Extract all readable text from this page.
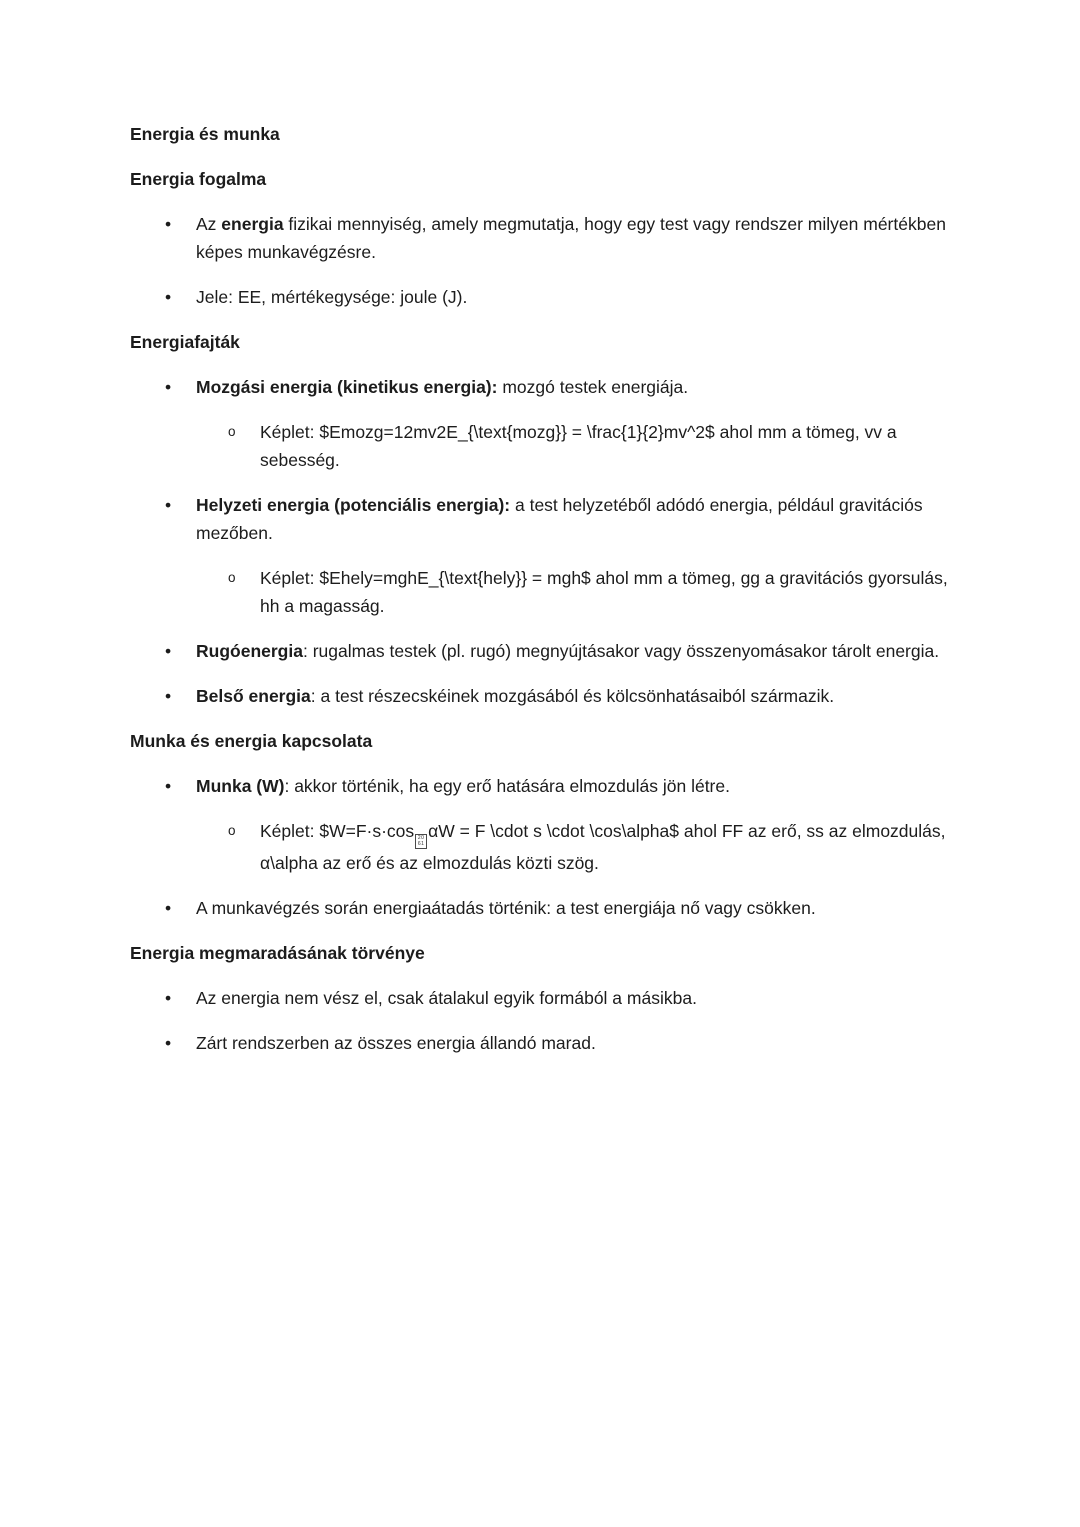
Energia és munka

Energia fogalma

• Az energia fizikai mennyiség, amely megmutatja, hogy egy test vagy rendszer milyen mértékben képes munkavégzésre.
• Jele: EE, mértékegysége: joule (J).

Energiafajták

• Mozgási energia (kinetikus energia): mozgó testek energiája.
o Képlet: $Emozg=12mv2E_{\text{mozg}} = \frac{1}{2}mv^2$ ahol mm a tömeg, vv a sebesség.
• Helyzeti energia (potenciális energia): a test helyzetéből adódó energia, például gravitációs mezőben.
o Képlet: $Ehely=mghE_{\text{hely}} = mgh$ ahol mm a tömeg, gg a gravitációs gyorsulás, hh a magasság.
• Rugóenergia: rugalmas testek (pl. rugó) megnyújtásakor vagy összenyomásakor tárolt energia.
• Belső energia: a test részecskéinek mozgásából és kölcsönhatásaiból származik.

Munka és energia kapcsolata

• Munka (W): akkor történik, ha egy erő hatására elmozdulás jön létre.
o Képlet: $W=F·s·cos 20
61
αW = F \cdot s \cdot \cos\alpha$ ahol FF az erő, ss az elmozdulás, α\alpha az erő és az elmozdulás közti szög.
• A munkavégzés során energiaátadás történik: a test energiája nő vagy csökken.

Energia megmaradásának törvénye

• Az energia nem vész el, csak átalakul egyik formából a másikba.
• Zárt rendszerben az összes energia állandó marad.
